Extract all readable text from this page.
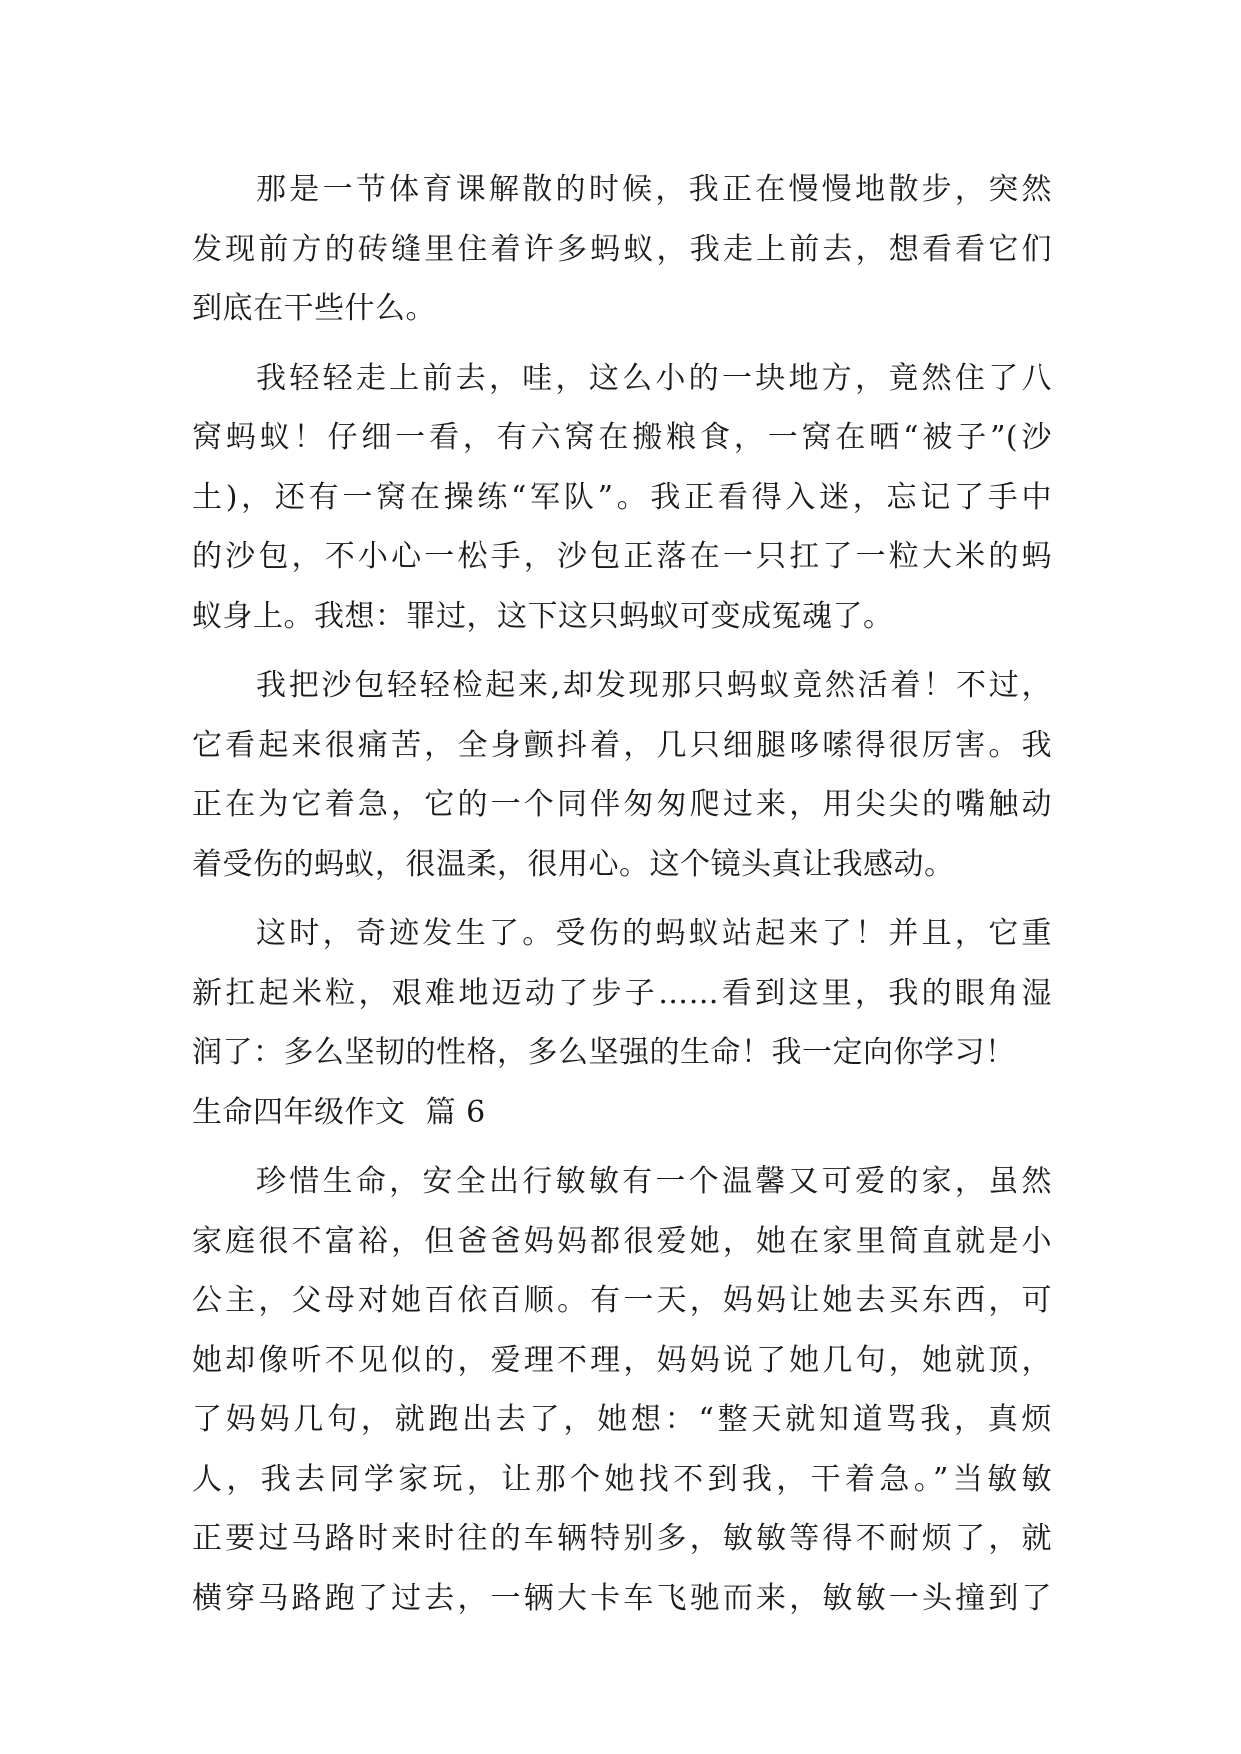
那是一节体育课解散的时候，我正在慢慢地散步，突然
发现前方的砖缝里住着许多蚂蚁，我走上前去，想看看它们
到底在干些什么。
我轻轻走上前去，哇，这么小的一块地方，竟然住了八
窝蚂蚁！仔细一看，有六窝在搬粮食，一窝在晒“被子”(沙
土)，还有一窝在操练“军队”。我正看得入迷，忘记了手中
的沙包，不小心一松手，沙包正落在一只扛了一粒大米的蚂
蚁身上。我想：罪过，这下这只蚂蚁可变成冤魂了。
我把沙包轻轻检起来,却发现那只蚂蚁竟然活着！不过，
它看起来很痛苦，全身颤抖着，几只细腿哆嗦得很厉害。我
正在为它着急，它的一个同伴匆匆爬过来，用尖尖的嘴触动
着受伤的蚂蚁，很温柔，很用心。这个镜头真让我感动。
这时，奇迹发生了。受伤的蚂蚁站起来了！并且，它重
新扛起米粒，艰难地迈动了步子……看到这里，我的眼角湿
润了：多么坚韧的性格，多么坚强的生命！我一定向你学习！
生命四年级作文  篇 6
珍惜生命，安全出行敏敏有一个温馨又可爱的家，虽然
家庭很不富裕，但爸爸妈妈都很爱她，她在家里简直就是小
公主，父母对她百依百顺。有一天，妈妈让她去买东西，可
她却像听不见似的，爱理不理，妈妈说了她几句，她就顶，
了妈妈几句，就跑出去了，她想：“整天就知道骂我，真烦
人，我去同学家玩，让那个她找不到我，干着急。”当敏敏
正要过马路时来时往的车辆特别多，敏敏等得不耐烦了，就
横穿马路跑了过去，一辆大卡车飞驰而来，敏敏一头撞到了
